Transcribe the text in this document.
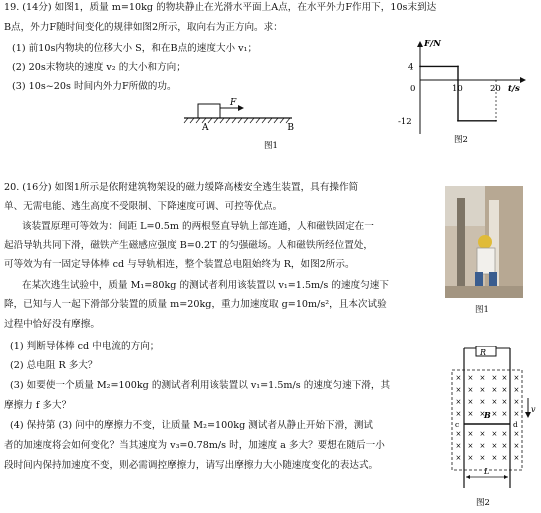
19. (14分) 如图1，质量 m=10kg 的物块静止在光滑水平面上A点，在水平外力F作用下，10s末到达
B点，外力F随时间变化的规律如图2所示，取向右为正方向。求：
(1) 前10s内物块的位移大小 S，和在B点的速度大小 v₁；
(2) 20s末物块的速度 v₂ 的大小和方向；
(3) 10s~20s 时间内外力F所做的功。
F
A	B
图1
F/N
t/s
0
4
-12
10	20
图2
20. (16分) 如图1所示是依附建筑物架设的磁力缓降高楼安全逃生装置，具有操作简
单、无需电能、逃生高度不受限制、下降速度可调、可控等优点。
该装置原理可等效为：间距 L=0.5m 的两根竖直导轨上部连通，人和磁铁固定在一
起沿导轨共同下滑，磁铁产生磁感应强度 B=0.2T 的匀强磁场。人和磁铁所经位置处，
可等效为有一固定导体棒 cd 与导轨相连，整个装置总电阻始终为 R，如图2所示。
在某次逃生试验中，质量 M₁=80kg 的测试者利用该装置以 v₁=1.5m/s 的速度匀速下
降，已知与人一起下滑部分装置的质量 m=20kg，重力加速度取 g=10m/s²，且本次试验
过程中恰好没有摩擦。
(1) 判断导体棒 cd 中电流的方向；
(2) 总电阻 R 多大？
(3) 如要使一个质量 M₂=100kg 的测试者利用该装置以 v₁=1.5m/s 的速度匀速下滑，其
摩擦力 f 多大？
(4) 保持第 (3) 问中的摩擦力不变，让质量 M₂=100kg 测试者从静止开始下滑，测试
者的加速度将会如何变化？当其速度为 v₃=0.78m/s 时，加速度 a 多大？要想在随后一小
段时间内保持加速度不变，则必需调控摩擦力，请写出摩擦力大小随速度变化的表达式。
图1
R
× × × × × ×
× × × × × ×
× × × × × ×
× × × × × ×
× × × × × ×
× × × × × ×
× × × × × ×
c	d
B
v
L
图2
